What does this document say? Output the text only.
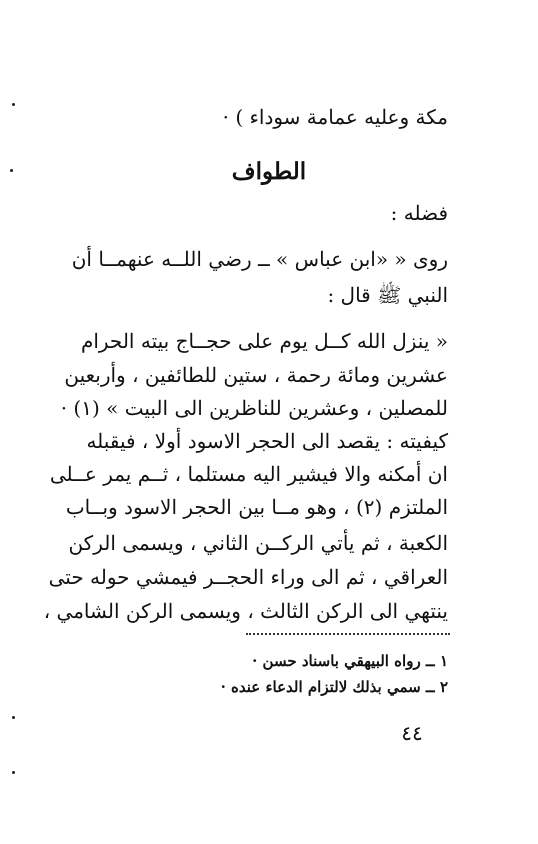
مكة وعليه عمامة سوداء ) ·
الطواف
فضله :
روى « «ابن عباس » ــ رضي اللــه عنهمــا أن
النبي ﷺ قال :
« ينزل الله كــل يوم على حجــاج بيته الحرام
عشرين ومائة رحمة ، ستين للطائفين ، وأربعين
للمصلين ، وعشرين للناظرين الى البيت » (١) ·
كيفيته : يقصد الى الحجر الاسود أولا ، فيقبله
ان أمكنه والا فيشير اليه مستلما ، ثــم يمر عــلى
الملتزم (٢) ، وهو مــا بين الحجر الاسود وبــاب
الكعبة ، ثم يأتي الركــن الثاني ، ويسمى الركن
العراقي ، ثم الى وراء الحجــر فيمشي حوله حتى
ينتهي الى الركن الثالث ، ويسمى الركن الشامي ،
١ ــ رواه البيهقي باسناد حسن ·
٢ ــ سمي بذلك لالتزام الدعاء عنده ·
٤٤
